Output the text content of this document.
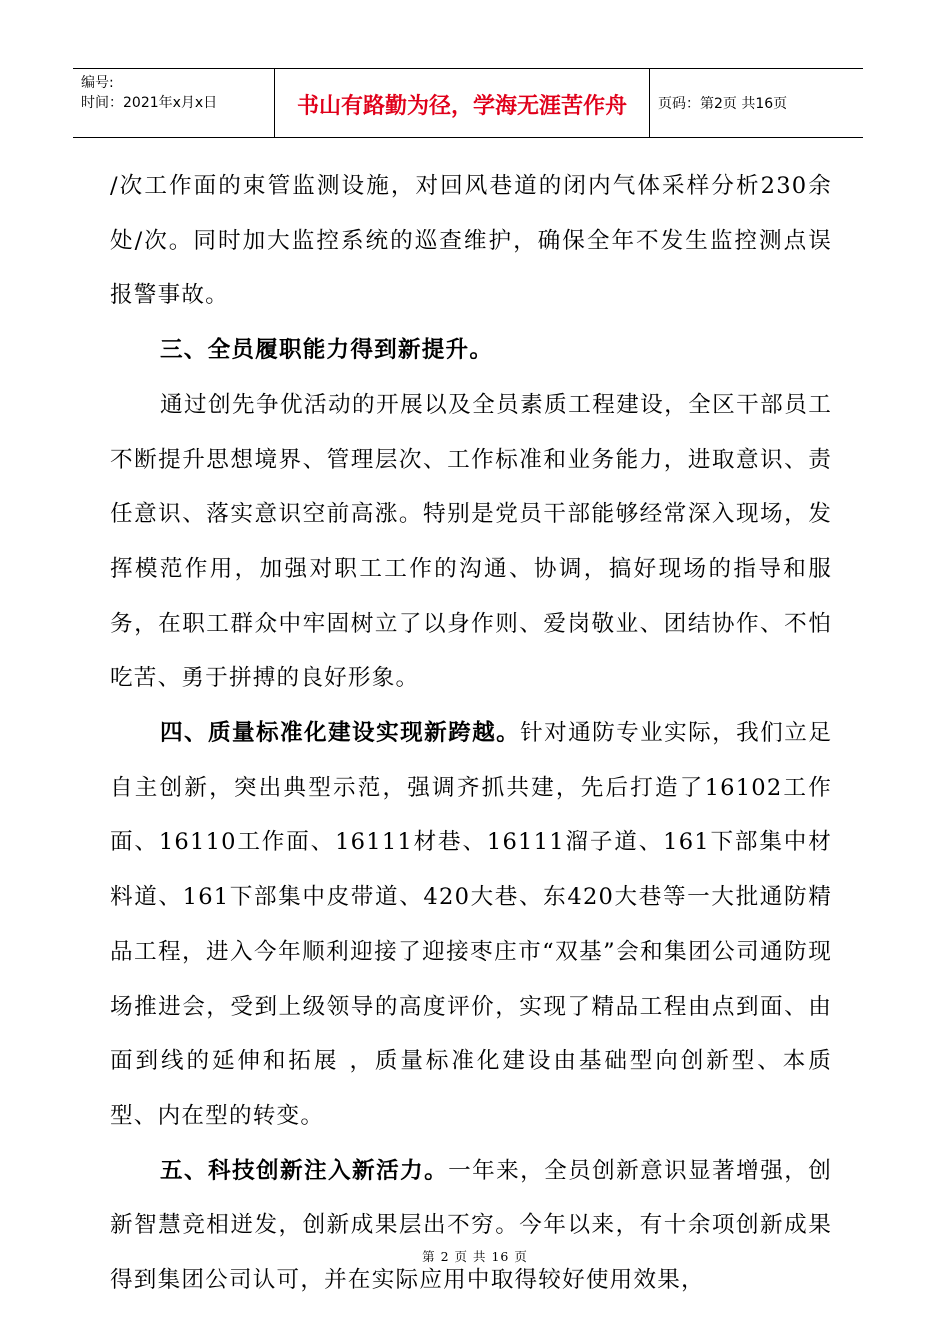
编号:
时间：2021年x月x日	书山有路勤为径，学海无涯苦作舟	页码：第2页 共16页

/次工作面的束管监测设施，对回风巷道的闭内气体采样分析230余处/次。同时加大监控系统的巡查维护，确保全年不发生监控测点误报警事故。

三、全员履职能力得到新提升。

通过创先争优活动的开展以及全员素质工程建设，全区干部员工不断提升思想境界、管理层次、工作标准和业务能力，进取意识、责任意识、落实意识空前高涨。特别是党员干部能够经常深入现场，发挥模范作用，加强对职工工作的沟通、协调，搞好现场的指导和服务，在职工群众中牢固树立了以身作则、爱岗敬业、团结协作、不怕吃苦、勇于拼搏的良好形象。

四、质量标准化建设实现新跨越。针对通防专业实际，我们立足自主创新，突出典型示范，强调齐抓共建，先后打造了16102工作面、16110工作面、16111材巷、16111溜子道、161下部集中材料道、161下部集中皮带道、420大巷、东420大巷等一大批通防精品工程，进入今年顺利迎接了迎接枣庄市“双基”会和集团公司通防现场推进会，受到上级领导的高度评价，实现了精品工程由点到面、由面到线的延伸和拓展 ，质量标准化建设由基础型向创新型、本质型、内在型的转变。

五、科技创新注入新活力。一年来，全员创新意识显著增强，创新智慧竞相迸发，创新成果层出不穷。今年以来，有十余项创新成果得到集团公司认可，并在实际应用中取得较好使用效果，

第 2 页 共 16 页
